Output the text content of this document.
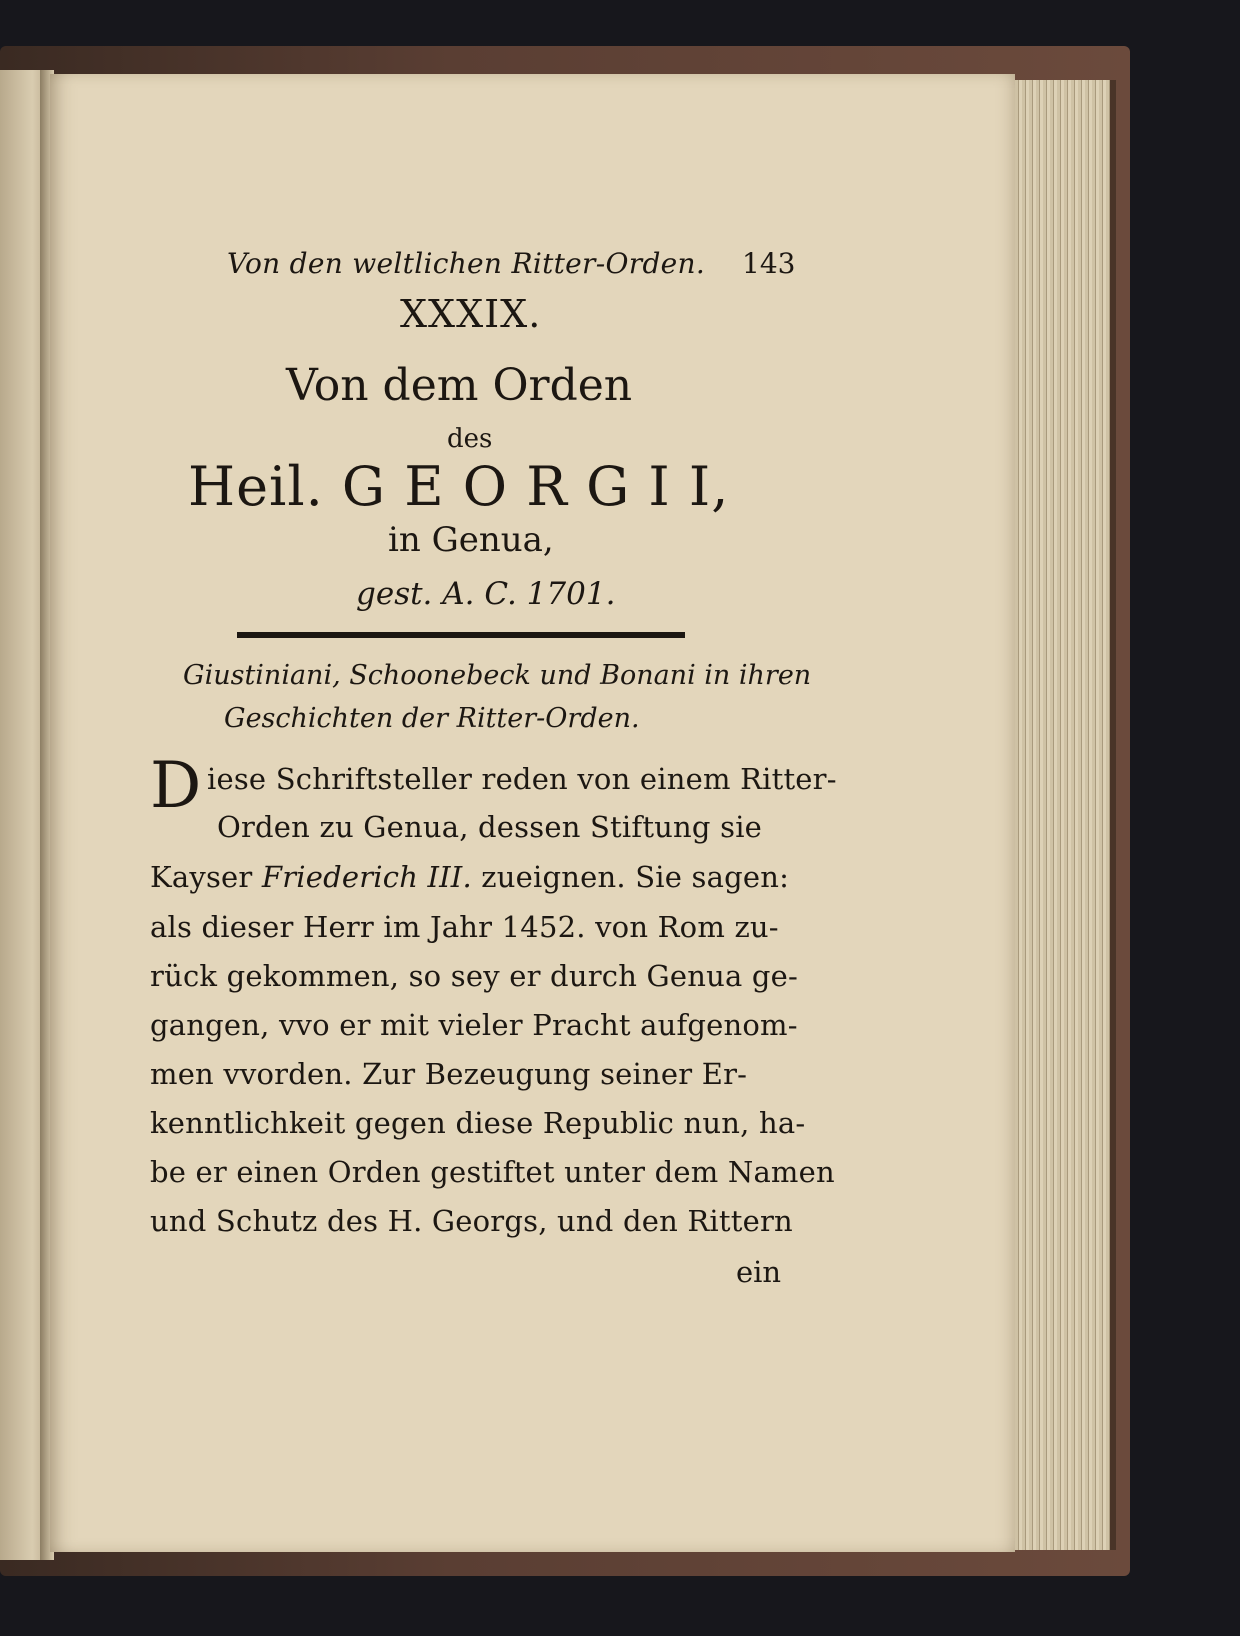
Von den weltlichen Ritter-Orden. 143
XXXIX.
Von dem Orden
des
Heil. G E O R G I I,
in Genua,
gest. A. C. 1701.
Giustiniani, Schoonebeck und Bonani in ihren
Geschichten der Ritter-Orden.
D iese Schriftsteller reden von einem Ritter-
Orden zu Genua, dessen Stiftung sie
Kayser Friederich III. zueignen. Sie sagen:
als dieser Herr im Jahr 1452. von Rom zu-
rück gekommen, so sey er durch Genua ge-
gangen, vvo er mit vieler Pracht aufgenom-
men vvorden. Zur Bezeugung seiner Er-
kenntlichkeit gegen diese Republic nun, ha-
be er einen Orden gestiftet unter dem Namen
und Schutz des H. Georgs, und den Rittern
ein
